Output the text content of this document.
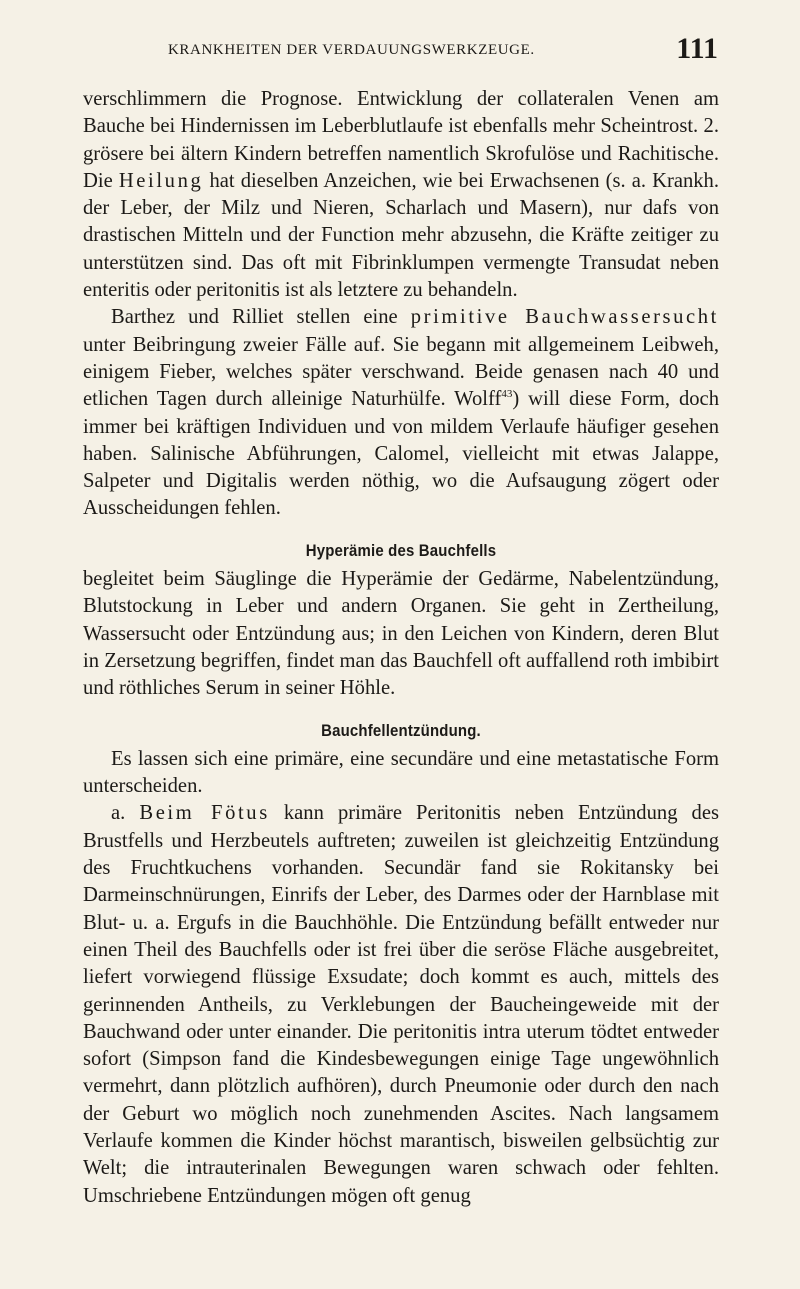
KRANKHEITEN DER VERDAUUNGSWERKZEUGE.	111

verschlimmern die Prognose. Entwicklung der collateralen Venen am Bauche bei Hindernissen im Leberblutlaufe ist ebenfalls mehr Scheintrost. 2. grösere bei ältern Kindern betreffen namentlich Skrofulöse und Rachitische. Die Heilung hat dieselben Anzeichen, wie bei Erwachsenen (s. a. Krankh. der Leber, der Milz und Nieren, Scharlach und Masern), nur dafs von drastischen Mitteln und der Function mehr abzusehn, die Kräfte zeitiger zu unterstützen sind. Das oft mit Fibrinklumpen vermengte Transudat neben enteritis oder peritonitis ist als letztere zu behandeln.

Barthez und Rilliet stellen eine primitive Bauchwassersucht unter Beibringung zweier Fälle auf. Sie begann mit allgemeinem Leibweh, einigem Fieber, welches später verschwand. Beide genasen nach 40 und etlichen Tagen durch alleinige Naturhülfe. Wolff$^{43}$) will diese Form, doch immer bei kräftigen Individuen und von mildem Verlaufe häufiger gesehen haben. Salinische Abführungen, Calomel, vielleicht mit etwas Jalappe, Salpeter und Digitalis werden nöthig, wo die Aufsaugung zögert oder Ausscheidungen fehlen.

Hyperämie des Bauchfells

begleitet beim Säuglinge die Hyperämie der Gedärme, Nabelentzündung, Blutstockung in Leber und andern Organen. Sie geht in Zertheilung, Wassersucht oder Entzündung aus; in den Leichen von Kindern, deren Blut in Zersetzung begriffen, findet man das Bauchfell oft auffallend roth imbibirt und röthliches Serum in seiner Höhle.

Bauchfellentzündung.

Es lassen sich eine primäre, eine secundäre und eine metastatische Form unterscheiden.

a. Beim Fötus kann primäre Peritonitis neben Entzündung des Brustfells und Herzbeutels auftreten; zuweilen ist gleichzeitig Entzündung des Fruchtkuchens vorhanden. Secundär fand sie Rokitansky bei Darmeinschnürungen, Einrifs der Leber, des Darmes oder der Harnblase mit Blut- u. a. Ergufs in die Bauchhöhle. Die Entzündung befällt entweder nur einen Theil des Bauchfells oder ist frei über die seröse Fläche ausgebreitet, liefert vorwiegend flüssige Exsudate; doch kommt es auch, mittels des gerinnenden Antheils, zu Verklebungen der Baucheingeweide mit der Bauchwand oder unter einander. Die peritonitis intra uterum tödtet entweder sofort (Simpson fand die Kindesbewegungen einige Tage ungewöhnlich vermehrt, dann plötzlich aufhören), durch Pneumonie oder durch den nach der Geburt wo möglich noch zunehmenden Ascites. Nach langsamem Verlaufe kommen die Kinder höchst marantisch, bisweilen gelbsüchtig zur Welt; die intrauterinalen Bewegungen waren schwach oder fehlten. Umschriebene Entzündungen mögen oft genug
